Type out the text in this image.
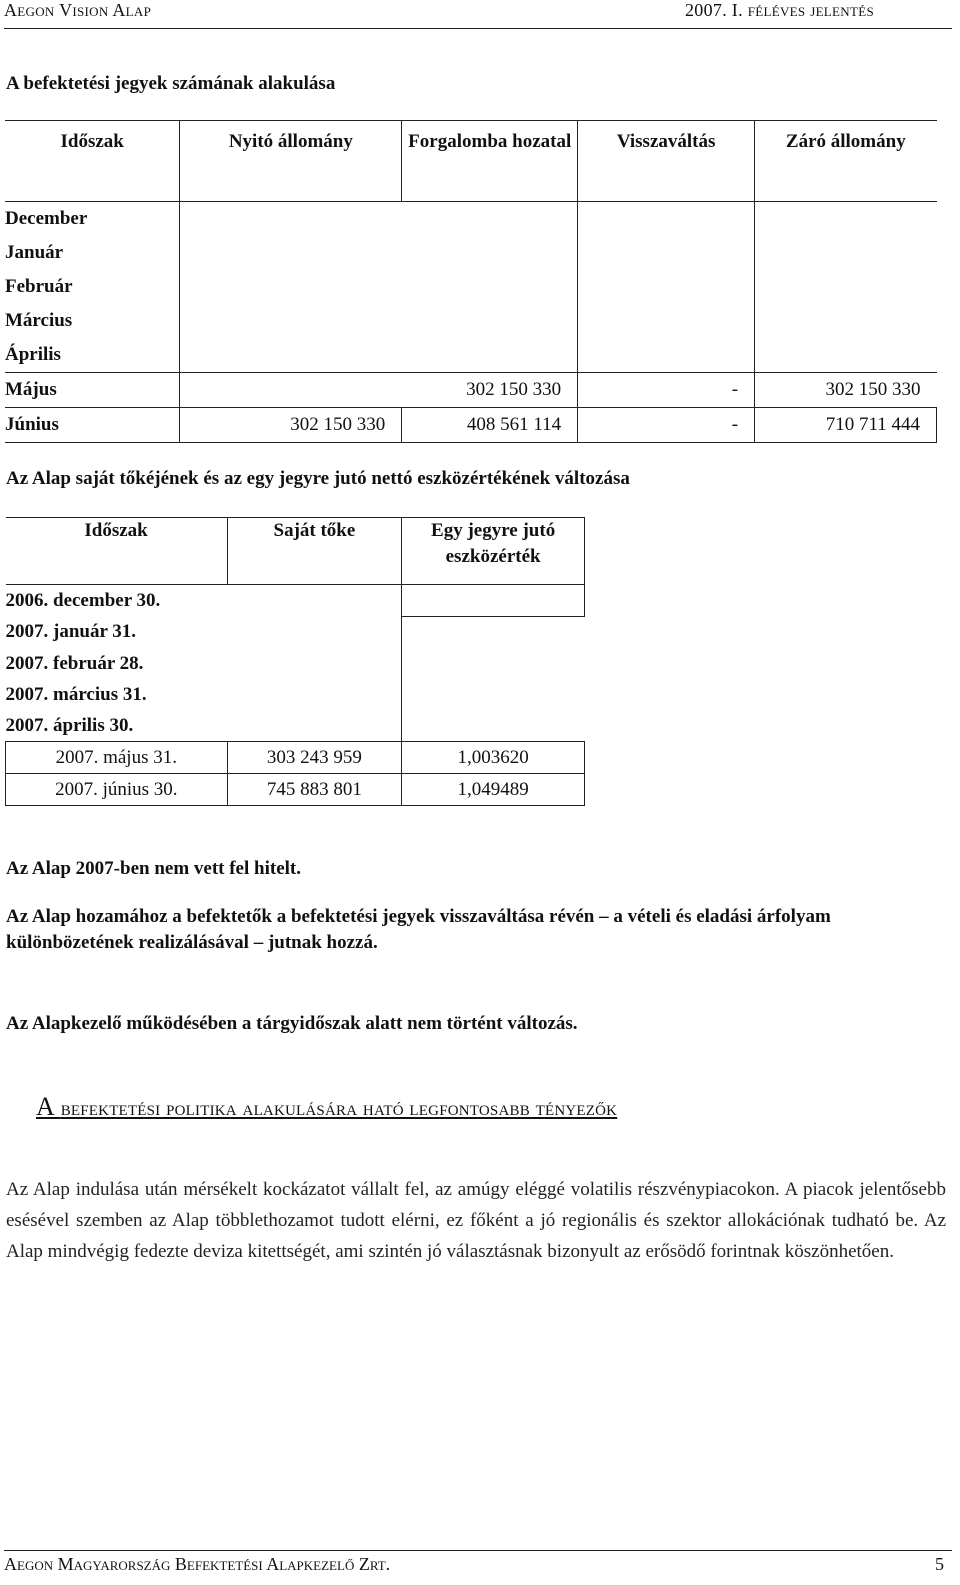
Aegon Vision Alap	2007. I. féléves jelentés
A befektetési jegyek számának alakulása
Időszak	Nyitó állomány	Forgalomba hozatal	Visszaváltás	Záró állomány
December				
Január				
Február				
Március				
Április				
Május		302 150 330	-	302 150 330
Június	302 150 330	408 561 114	-	710 711 444
Az Alap saját tőkéjének és az egy jegyre jutó nettó eszközértékének változása
Időszak	Saját tőke	Egy jegyre jutó eszközérték
2006. december 30.		
2007. január 31.		
2007. február 28.		
2007. március 31.		
2007. április 30.		
2007. május 31.	303 243 959	1,003620
2007. június 30.	745 883 801	1,049489
Az Alap 2007-ben nem vett fel hitelt.
Az Alap hozamához a befektetők a befektetési jegyek visszaváltása révén – a vételi és eladási árfolyam különbözetének realizálásával – jutnak hozzá.
Az Alapkezelő működésében a tárgyidőszak alatt nem történt változás.
A befektetési politika alakulására ható legfontosabb tényezők
Az Alap indulása után mérsékelt kockázatot vállalt fel, az amúgy eléggé volatilis részvénypiacokon. A piacok jelentősebb esésével szemben az Alap többlethozamot tudott elérni, ez főként a jó regionális és szektor allokációnak tudható be. Az Alap mindvégig fedezte deviza kitettségét, ami szintén jó választásnak bizonyult az erősödő forintnak köszönhetően.
Aegon Magyarország Befektetési Alapkezelő Zrt.	5
